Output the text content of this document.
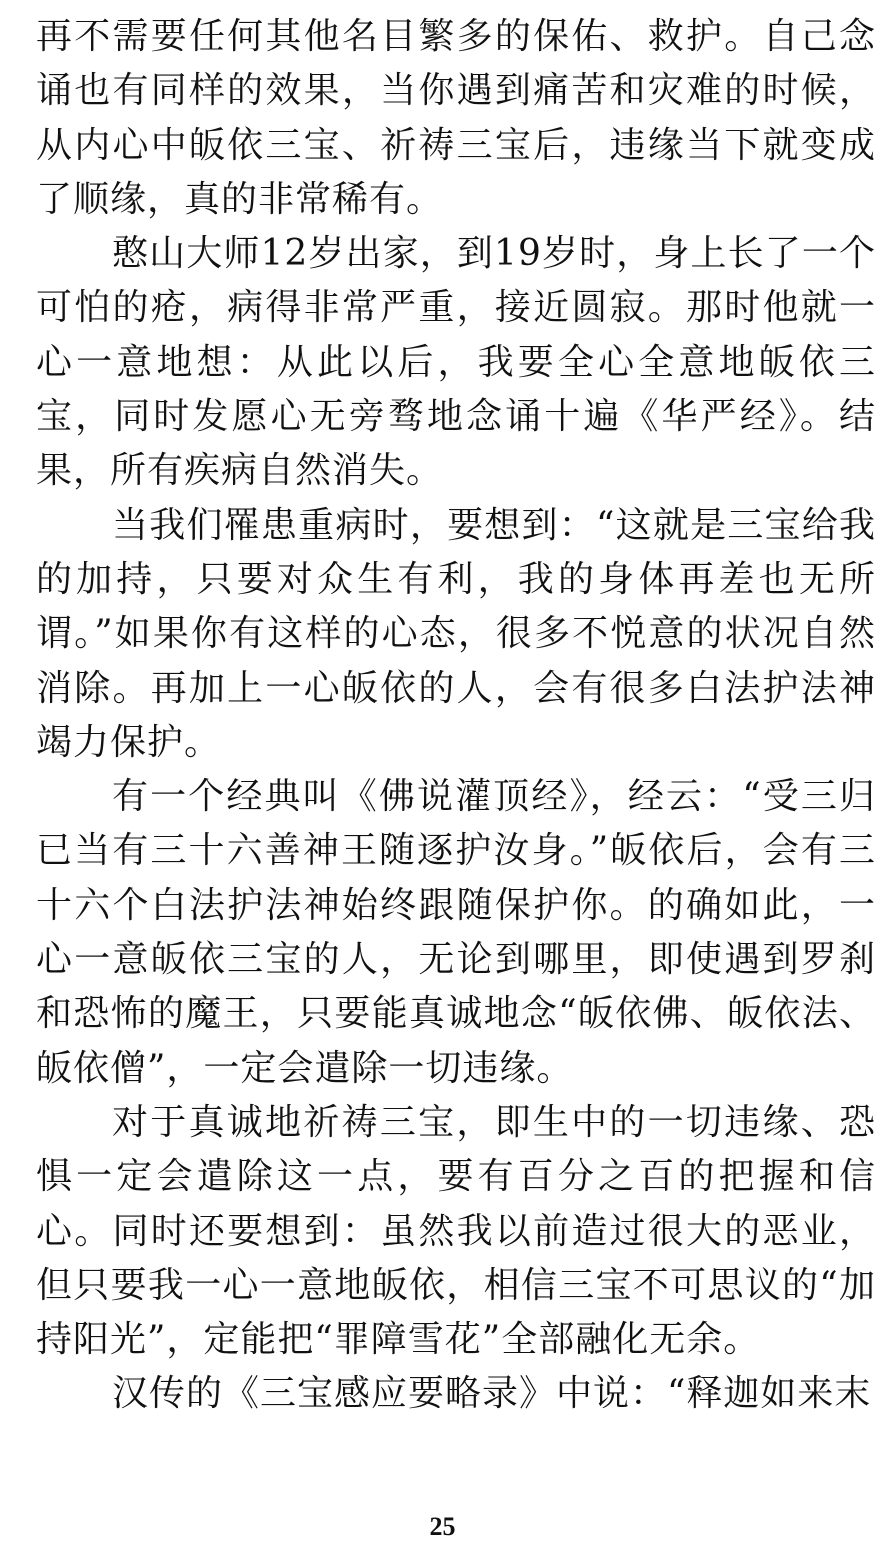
再不需要任何其他名目繁多的保佑、救护。自己念诵也有同样的效果，当你遇到痛苦和灾难的时候，从内心中皈依三宝、祈祷三宝后，违缘当下就变成了顺缘，真的非常稀有。

憨山大师12岁出家，到19岁时，身上长了一个可怕的疮，病得非常严重，接近圆寂。那时他就一心一意地想：从此以后，我要全心全意地皈依三宝，同时发愿心无旁骛地念诵十遍《华严经》。结果，所有疾病自然消失。

当我们罹患重病时，要想到：“这就是三宝给我的加持，只要对众生有利，我的身体再差也无所谓。”如果你有这样的心态，很多不悦意的状况自然消除。再加上一心皈依的人，会有很多白法护法神竭力保护。

有一个经典叫《佛说灌顶经》，经云：“受三归已当有三十六善神王随逐护汝身。”皈依后，会有三十六个白法护法神始终跟随保护你。的确如此，一心一意皈依三宝的人，无论到哪里，即使遇到罗刹和恐怖的魔王，只要能真诚地念“皈依佛、皈依法、皈依僧”，一定会遣除一切违缘。

对于真诚地祈祷三宝，即生中的一切违缘、恐惧一定会遣除这一点，要有百分之百的把握和信心。同时还要想到：虽然我以前造过很大的恶业，但只要我一心一意地皈依，相信三宝不可思议的“加持阳光”，定能把“罪障雪花”全部融化无余。

汉传的《三宝感应要略录》中说：“释迦如来末

25
